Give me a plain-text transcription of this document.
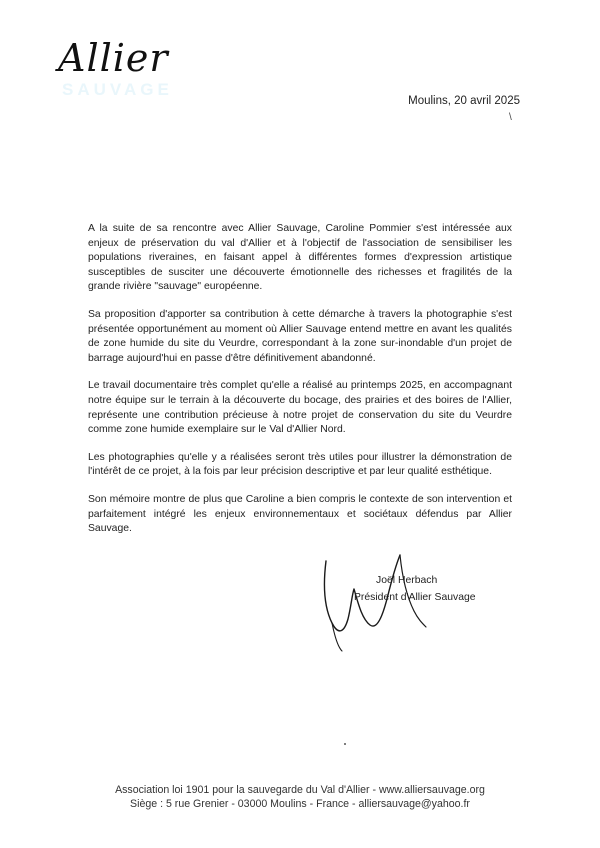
Allier
SAUVAGE
Moulins, 20 avril 2025
\

A la suite de sa rencontre avec Allier Sauvage, Caroline Pommier s'est intéressée aux enjeux de préservation du val d'Allier et à l'objectif de l'association de sensibiliser les populations riveraines, en faisant appel à différentes formes d'expression artistique susceptibles de susciter une découverte émotionnelle des richesses et fragilités de la grande rivière "sauvage" européenne.

Sa proposition d'apporter sa contribution à cette démarche à travers la photographie s'est présentée opportunément au moment où Allier Sauvage entend mettre en avant les qualités de zone humide du site du Veurdre, correspondant à la zone sur-inondable d'un projet de barrage aujourd'hui en passe d'être définitivement abandonné.

Le travail documentaire très complet qu'elle a réalisé au printemps 2025, en accompagnant notre équipe sur le terrain à la découverte du bocage, des prairies et des boires de l'Allier, représente une contribution précieuse à notre projet de conservation du site du Veurdre comme zone humide exemplaire sur le Val d'Allier Nord.

Les photographies qu'elle y a réalisées seront très utiles pour illustrer la démonstration de l'intérêt de ce projet, à la fois par leur précision descriptive et par leur qualité esthétique.

Son mémoire montre de plus que Caroline a bien compris le contexte de son intervention et parfaitement intégré les enjeux environnementaux et sociétaux défendus par Allier Sauvage.

Joël Herbach
Président d'Allier Sauvage
Association loi 1901 pour la sauvegarde du Val d'Allier - www.alliersauvage.org
Siège : 5 rue Grenier - 03000 Moulins - France - alliersauvage@yahoo.fr
